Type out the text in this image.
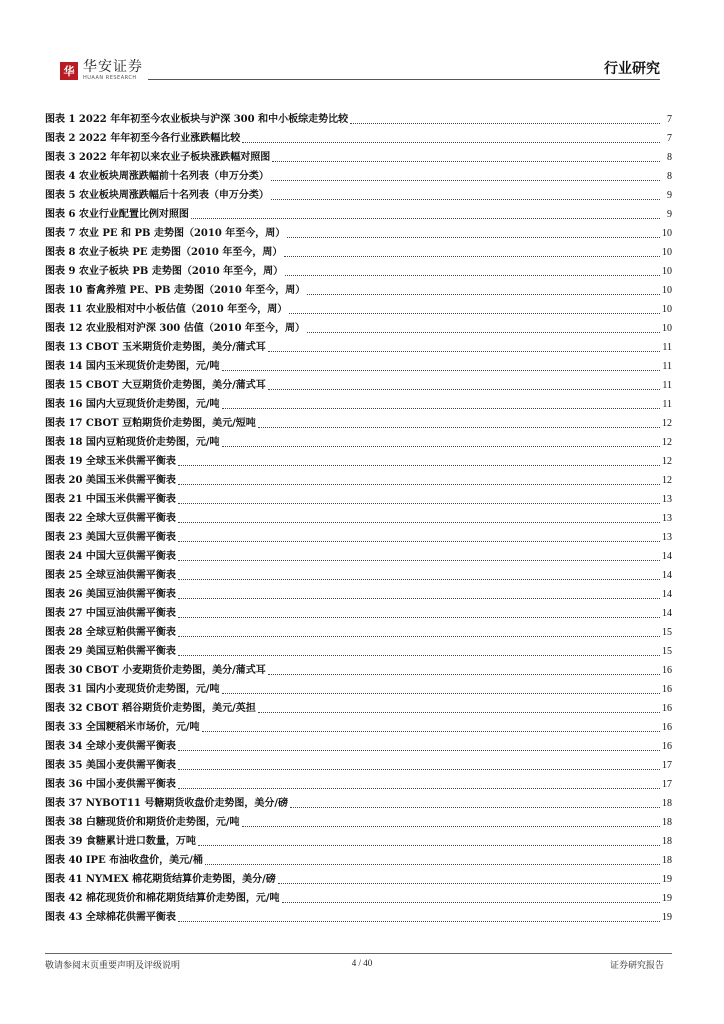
华 华安证券
HUAAN RESEARCH
行业研究
图表 1 2022 年年初至今农业板块与沪深 300 和中小板综走势比较	7
图表 2 2022 年年初至今各行业涨跌幅比较	7
图表 3 2022 年年初以来农业子板块涨跌幅对照图	8
图表 4 农业板块周涨跌幅前十名列表（申万分类）	8
图表 5 农业板块周涨跌幅后十名列表（申万分类）	9
图表 6 农业行业配置比例对照图	9
图表 7 农业 PE 和 PB 走势图（2010 年至今，周）	10
图表 8 农业子板块 PE 走势图（2010 年至今，周）	10
图表 9 农业子板块 PB 走势图（2010 年至今，周）	10
图表 10 畜禽养殖 PE、PB 走势图（2010 年至今，周）	10
图表 11 农业股相对中小板估值（2010 年至今，周）	10
图表 12 农业股相对沪深 300 估值（2010 年至今，周）	10
图表 13 CBOT 玉米期货价走势图，美分/蒲式耳	11
图表 14 国内玉米现货价走势图，元/吨	11
图表 15 CBOT 大豆期货价走势图，美分/蒲式耳	11
图表 16 国内大豆现货价走势图，元/吨	11
图表 17 CBOT 豆粕期货价走势图，美元/短吨	12
图表 18 国内豆粕现货价走势图，元/吨	12
图表 19 全球玉米供需平衡表	12
图表 20 美国玉米供需平衡表	12
图表 21 中国玉米供需平衡表	13
图表 22 全球大豆供需平衡表	13
图表 23 美国大豆供需平衡表	13
图表 24 中国大豆供需平衡表	14
图表 25 全球豆油供需平衡表	14
图表 26 美国豆油供需平衡表	14
图表 27 中国豆油供需平衡表	14
图表 28 全球豆粕供需平衡表	15
图表 29 美国豆粕供需平衡表	15
图表 30 CBOT 小麦期货价走势图，美分/蒲式耳	16
图表 31 国内小麦现货价走势图，元/吨	16
图表 32 CBOT 稻谷期货价走势图，美元/英担	16
图表 33 全国粳稻米市场价，元/吨	16
图表 34 全球小麦供需平衡表	16
图表 35 美国小麦供需平衡表	17
图表 36 中国小麦供需平衡表	17
图表 37 NYBOT11 号糖期货收盘价走势图，美分/磅	18
图表 38 白糖现货价和期货价走势图，元/吨	18
图表 39 食糖累计进口数量，万吨	18
图表 40 IPE 布油收盘价，美元/桶	18
图表 41 NYMEX 棉花期货结算价走势图，美分/磅	19
图表 42 棉花现货价和棉花期货结算价走势图，元/吨	19
图表 43 全球棉花供需平衡表	19
敬请参阅末页重要声明及评级说明	4 / 40	证券研究报告
